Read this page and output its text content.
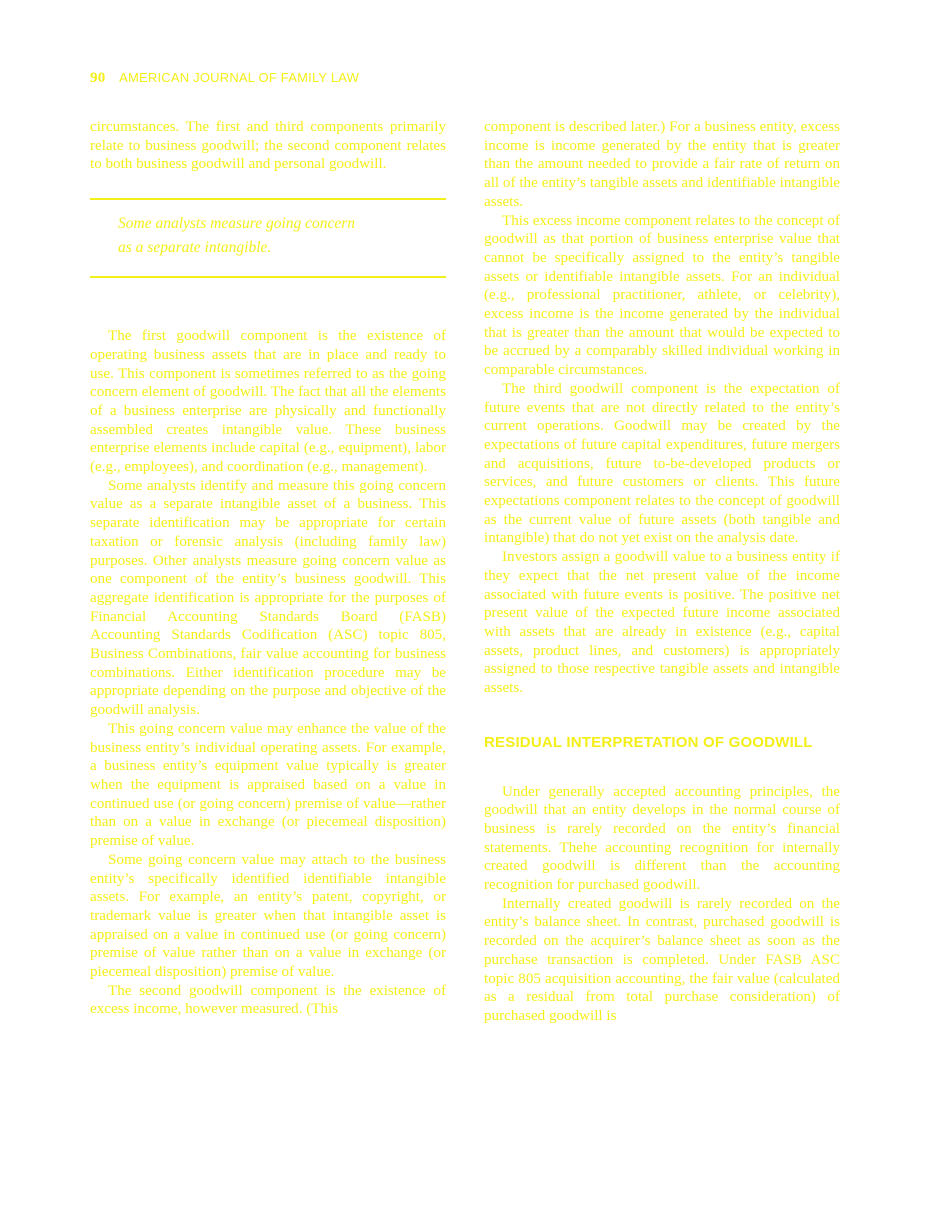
90 AMERICAN JOURNAL OF FAMILY LAW

circumstances. The first and third components primarily relate to business goodwill; the second component relates to both business goodwill and personal goodwill.

Some analysts measure going concern
as a separate intangible.

The first goodwill component is the existence of operating business assets that are in place and ready to use. This component is sometimes referred to as the going concern element of goodwill. The fact that all the elements of a business enterprise are physically and functionally assembled creates intangible value. These business enterprise elements include capital (e.g., equipment), labor (e.g., employees), and coordination (e.g., management).

Some analysts identify and measure this going concern value as a separate intangible asset of a business. This separate identification may be appropriate for certain taxation or forensic analysis (including family law) purposes. Other analysts measure going concern value as one component of the entity’s business goodwill. This aggregate identification is appropriate for the purposes of Financial Accounting Standards Board (FASB) Accounting Standards Codification (ASC) topic 805, Business Combinations, fair value accounting for business combinations. Either identification procedure may be appropriate depending on the purpose and objective of the goodwill analysis.

This going concern value may enhance the value of the business entity’s individual operating assets. For example, a business entity’s equipment value typically is greater when the equipment is appraised based on a value in continued use (or going concern) premise of value—rather than on a value in exchange (or piecemeal disposition) premise of value.

Some going concern value may attach to the business entity’s specifically identified identifiable intangible assets. For example, an entity’s patent, copyright, or trademark value is greater when that intangible asset is appraised on a value in continued use (or going concern) premise of value rather than on a value in exchange (or piecemeal disposition) premise of value.

The second goodwill component is the existence of excess income, however measured. (This

component is described later.) For a business entity, excess income is income generated by the entity that is greater than the amount needed to provide a fair rate of return on all of the entity’s tangible assets and identifiable intangible assets.

This excess income component relates to the concept of goodwill as that portion of business enterprise value that cannot be specifically assigned to the entity’s tangible assets or identifiable intangible assets. For an individual (e.g., professional practitioner, athlete, or celebrity), excess income is the income generated by the individual that is greater than the amount that would be expected to be accrued by a comparably skilled individual working in comparable circumstances.

The third goodwill component is the expectation of future events that are not directly related to the entity’s current operations. Goodwill may be created by the expectations of future capital expenditures, future mergers and acquisitions, future to-be-developed products or services, and future customers or clients. This future expectations component relates to the concept of goodwill as the current value of future assets (both tangible and intangible) that do not yet exist on the analysis date.

Investors assign a goodwill value to a business entity if they expect that the net present value of the income associated with future events is positive. The positive net present value of the expected future income associated with assets that are already in existence (e.g., capital assets, product lines, and customers) is appropriately assigned to those respective tangible assets and intangible assets.

RESIDUAL INTERPRETATION OF GOODWILL

Under generally accepted accounting principles, the goodwill that an entity develops in the normal course of business is rarely recorded on the entity’s financial statements. Thehe accounting recognition for internally created goodwill is different than the accounting recognition for purchased goodwill.

Internally created goodwill is rarely recorded on the entity’s balance sheet. In contrast, purchased goodwill is recorded on the acquirer’s balance sheet as soon as the purchase transaction is completed. Under FASB ASC topic 805 acquisition accounting, the fair value (calculated as a residual from total purchase consideration) of purchased goodwill is
